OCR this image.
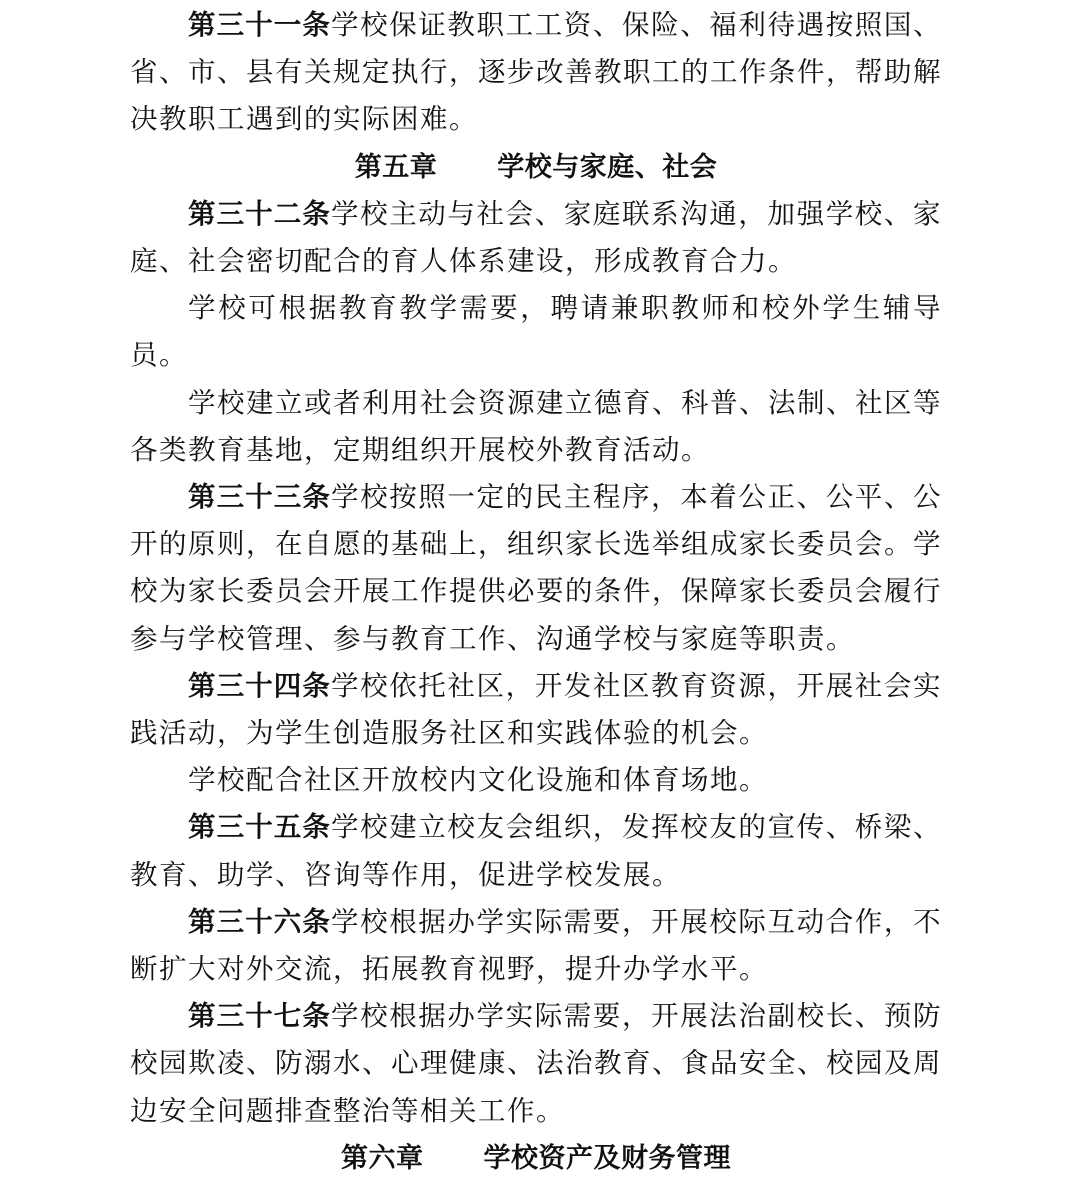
第三十一条学校保证教职工工资、保险、福利待遇按照国、省、市、县有关规定执行，逐步改善教职工的工作条件，帮助解决教职工遇到的实际困难。

第五章 学校与家庭、社会

第三十二条学校主动与社会、家庭联系沟通，加强学校、家庭、社会密切配合的育人体系建设，形成教育合力。

学校可根据教育教学需要，聘请兼职教师和校外学生辅导员。

学校建立或者利用社会资源建立德育、科普、法制、社区等各类教育基地，定期组织开展校外教育活动。

第三十三条学校按照一定的民主程序，本着公正、公平、公开的原则，在自愿的基础上，组织家长选举组成家长委员会。学校为家长委员会开展工作提供必要的条件，保障家长委员会履行参与学校管理、参与教育工作、沟通学校与家庭等职责。

第三十四条学校依托社区，开发社区教育资源，开展社会实践活动，为学生创造服务社区和实践体验的机会。

学校配合社区开放校内文化设施和体育场地。

第三十五条学校建立校友会组织，发挥校友的宣传、桥梁、教育、助学、咨询等作用，促进学校发展。

第三十六条学校根据办学实际需要，开展校际互动合作，不断扩大对外交流，拓展教育视野，提升办学水平。

第三十七条学校根据办学实际需要，开展法治副校长、预防校园欺凌、防溺水、心理健康、法治教育、食品安全、校园及周边安全问题排查整治等相关工作。

第六章 学校资产及财务管理
